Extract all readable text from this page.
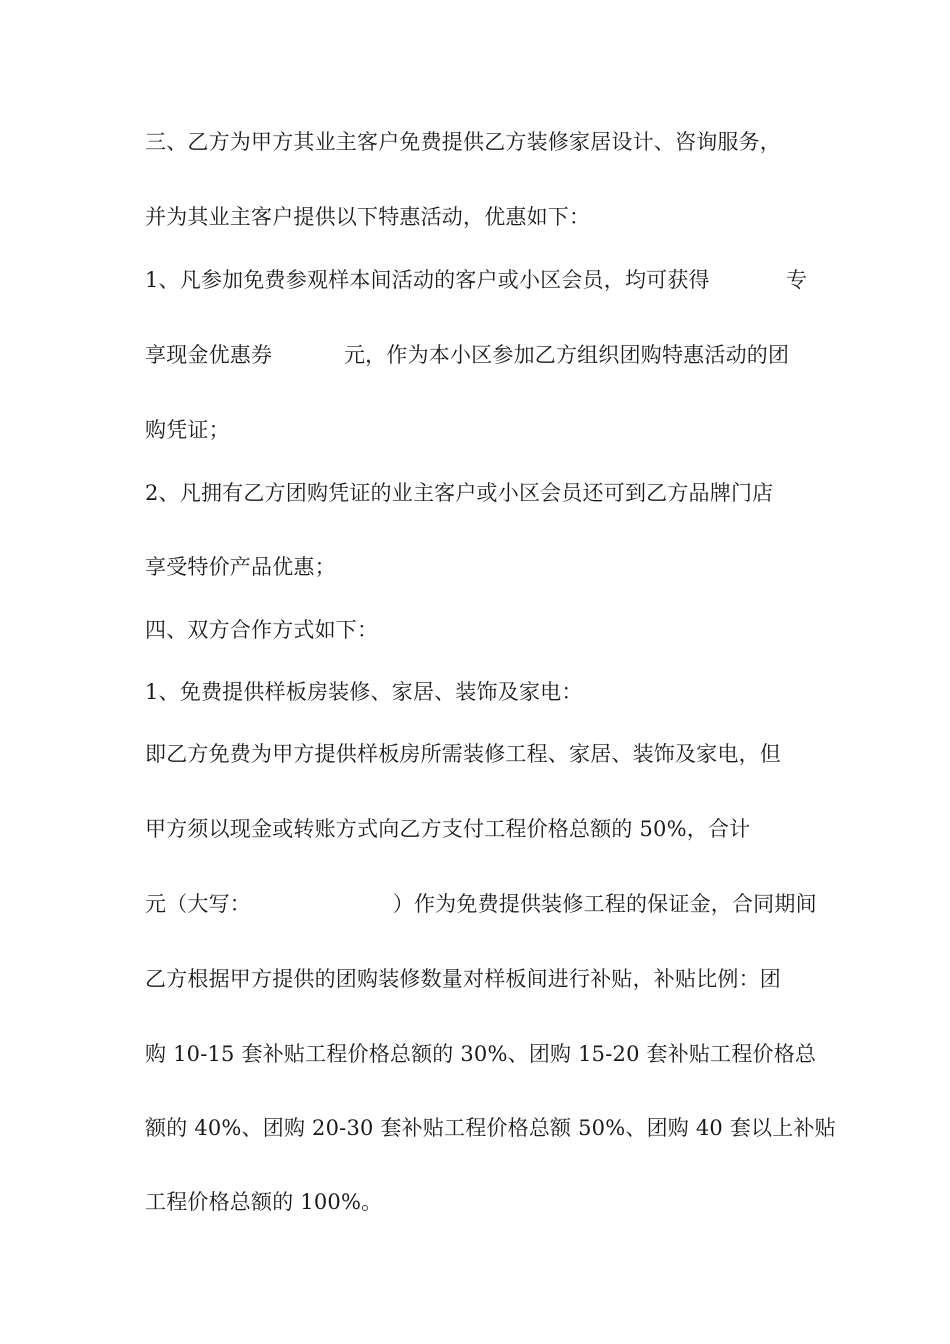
三、乙方为甲方其业主客户免费提供乙方装修家居设计、咨询服务，
并为其业主客户提供以下特惠活动，优惠如下：
1、凡参加免费参观样本间活动的客户或小区会员，均可获得	专
享现金优惠券	元，作为本小区参加乙方组织团购特惠活动的团
购凭证；
2、凡拥有乙方团购凭证的业主客户或小区会员还可到乙方品牌门店
享受特价产品优惠；
四、双方合作方式如下：
1、免费提供样板房装修、家居、装饰及家电：
即乙方免费为甲方提供样板房所需装修工程、家居、装饰及家电，但
甲方须以现金或转账方式向乙方支付工程价格总额的 50%，合计
元（大写：	）作为免费提供装修工程的保证金，合同期间
乙方根据甲方提供的团购装修数量对样板间进行补贴，补贴比例：团
购 10-15 套补贴工程价格总额的 30%、团购 15-20 套补贴工程价格总
额的 40%、团购 20-30 套补贴工程价格总额 50%、团购 40 套以上补贴
工程价格总额的 100%。
